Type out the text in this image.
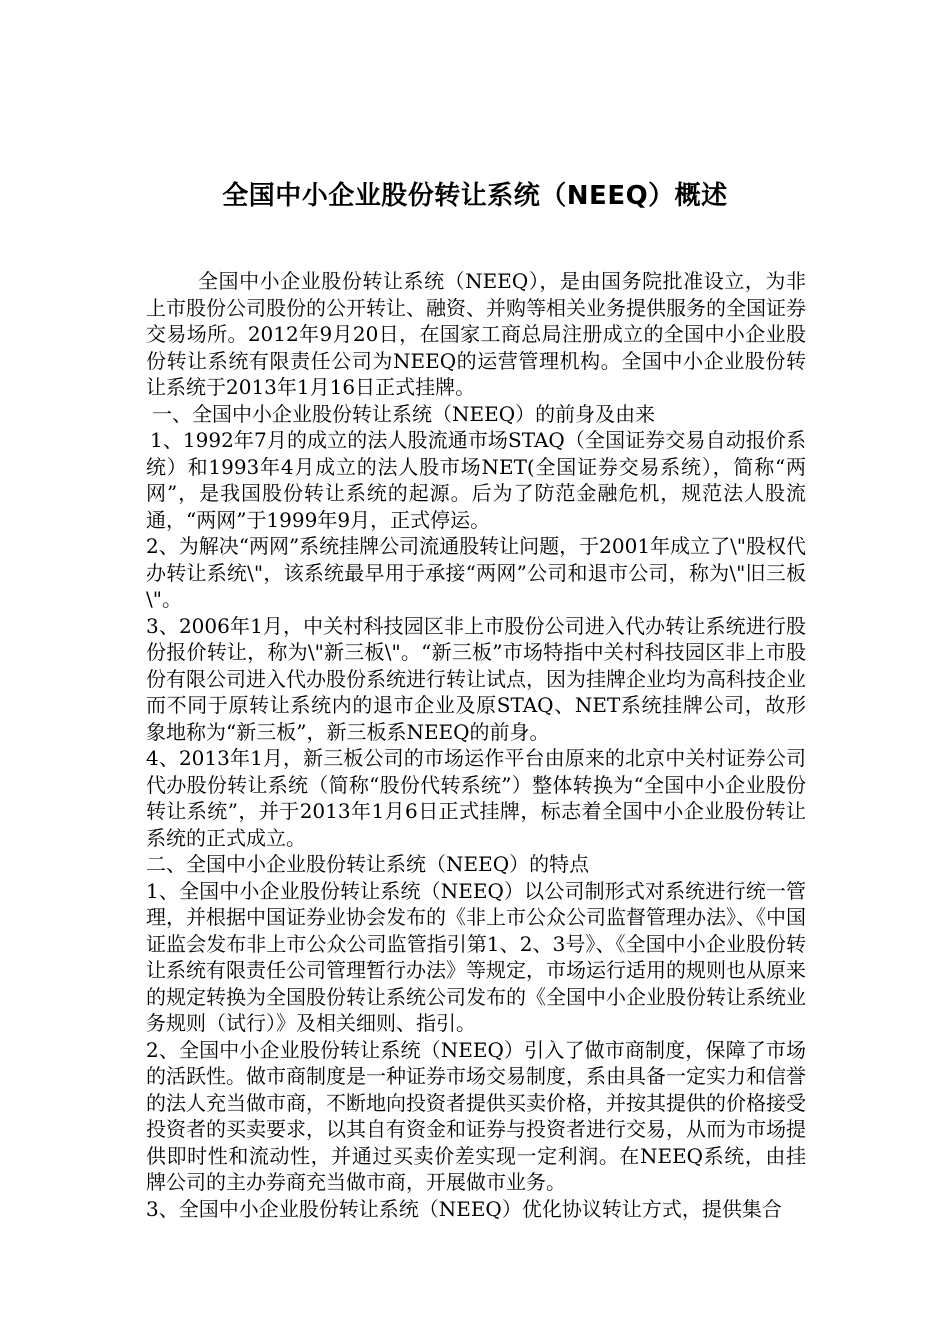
全国中小企业股份转让系统（NEEQ）概述

全国中小企业股份转让系统（NEEQ），是由国务院批准设立，为非上市股份公司股份的公开转让、融资、并购等相关业务提供服务的全国证券交易场所。2012年9月20日，在国家工商总局注册成立的全国中小企业股份转让系统有限责任公司为NEEQ的运营管理机构。全国中小企业股份转让系统于2013年1月16日正式挂牌。

一、全国中小企业股份转让系统（NEEQ）的前身及由来

1、1992年7月的成立的法人股流通市场STAQ（全国证券交易自动报价系统）和1993年4月成立的法人股市场NET(全国证券交易系统），简称“两网”，是我国股份转让系统的起源。后为了防范金融危机，规范法人股流通，“两网”于1999年9月，正式停运。

2、为解决“两网”系统挂牌公司流通股转让问题，于2001年成立了\"股权代办转让系统\"，该系统最早用于承接“两网”公司和退市公司，称为\"旧三板\"。

3、2006年1月，中关村科技园区非上市股份公司进入代办转让系统进行股份报价转让，称为\"新三板\"。“新三板”市场特指中关村科技园区非上市股份有限公司进入代办股份系统进行转让试点，因为挂牌企业均为高科技企业而不同于原转让系统内的退市企业及原STAQ、NET系统挂牌公司，故形象地称为“新三板”，新三板系NEEQ的前身。

4、2013年1月，新三板公司的市场运作平台由原来的北京中关村证券公司代办股份转让系统（简称“股份代转系统”）整体转换为“全国中小企业股份转让系统”，并于2013年1月6日正式挂牌，标志着全国中小企业股份转让系统的正式成立。

二、全国中小企业股份转让系统（NEEQ）的特点

1、全国中小企业股份转让系统（NEEQ）以公司制形式对系统进行统一管理，并根据中国证券业协会发布的《非上市公众公司监督管理办法》、《中国证监会发布非上市公众公司监管指引第1、2、3号》、《全国中小企业股份转让系统有限责任公司管理暂行办法》等规定，市场运行适用的规则也从原来的规定转换为全国股份转让系统公司发布的《全国中小企业股份转让系统业务规则（试行）》及相关细则、指引。

2、全国中小企业股份转让系统（NEEQ）引入了做市商制度，保障了市场的活跃性。做市商制度是一种证券市场交易制度，系由具备一定实力和信誉的法人充当做市商，不断地向投资者提供买卖价格，并按其提供的价格接受投资者的买卖要求，以其自有资金和证券与投资者进行交易，从而为市场提供即时性和流动性，并通过买卖价差实现一定利润。在NEEQ系统，由挂牌公司的主办券商充当做市商，开展做市业务。

3、全国中小企业股份转让系统（NEEQ）优化协议转让方式，提供集合
